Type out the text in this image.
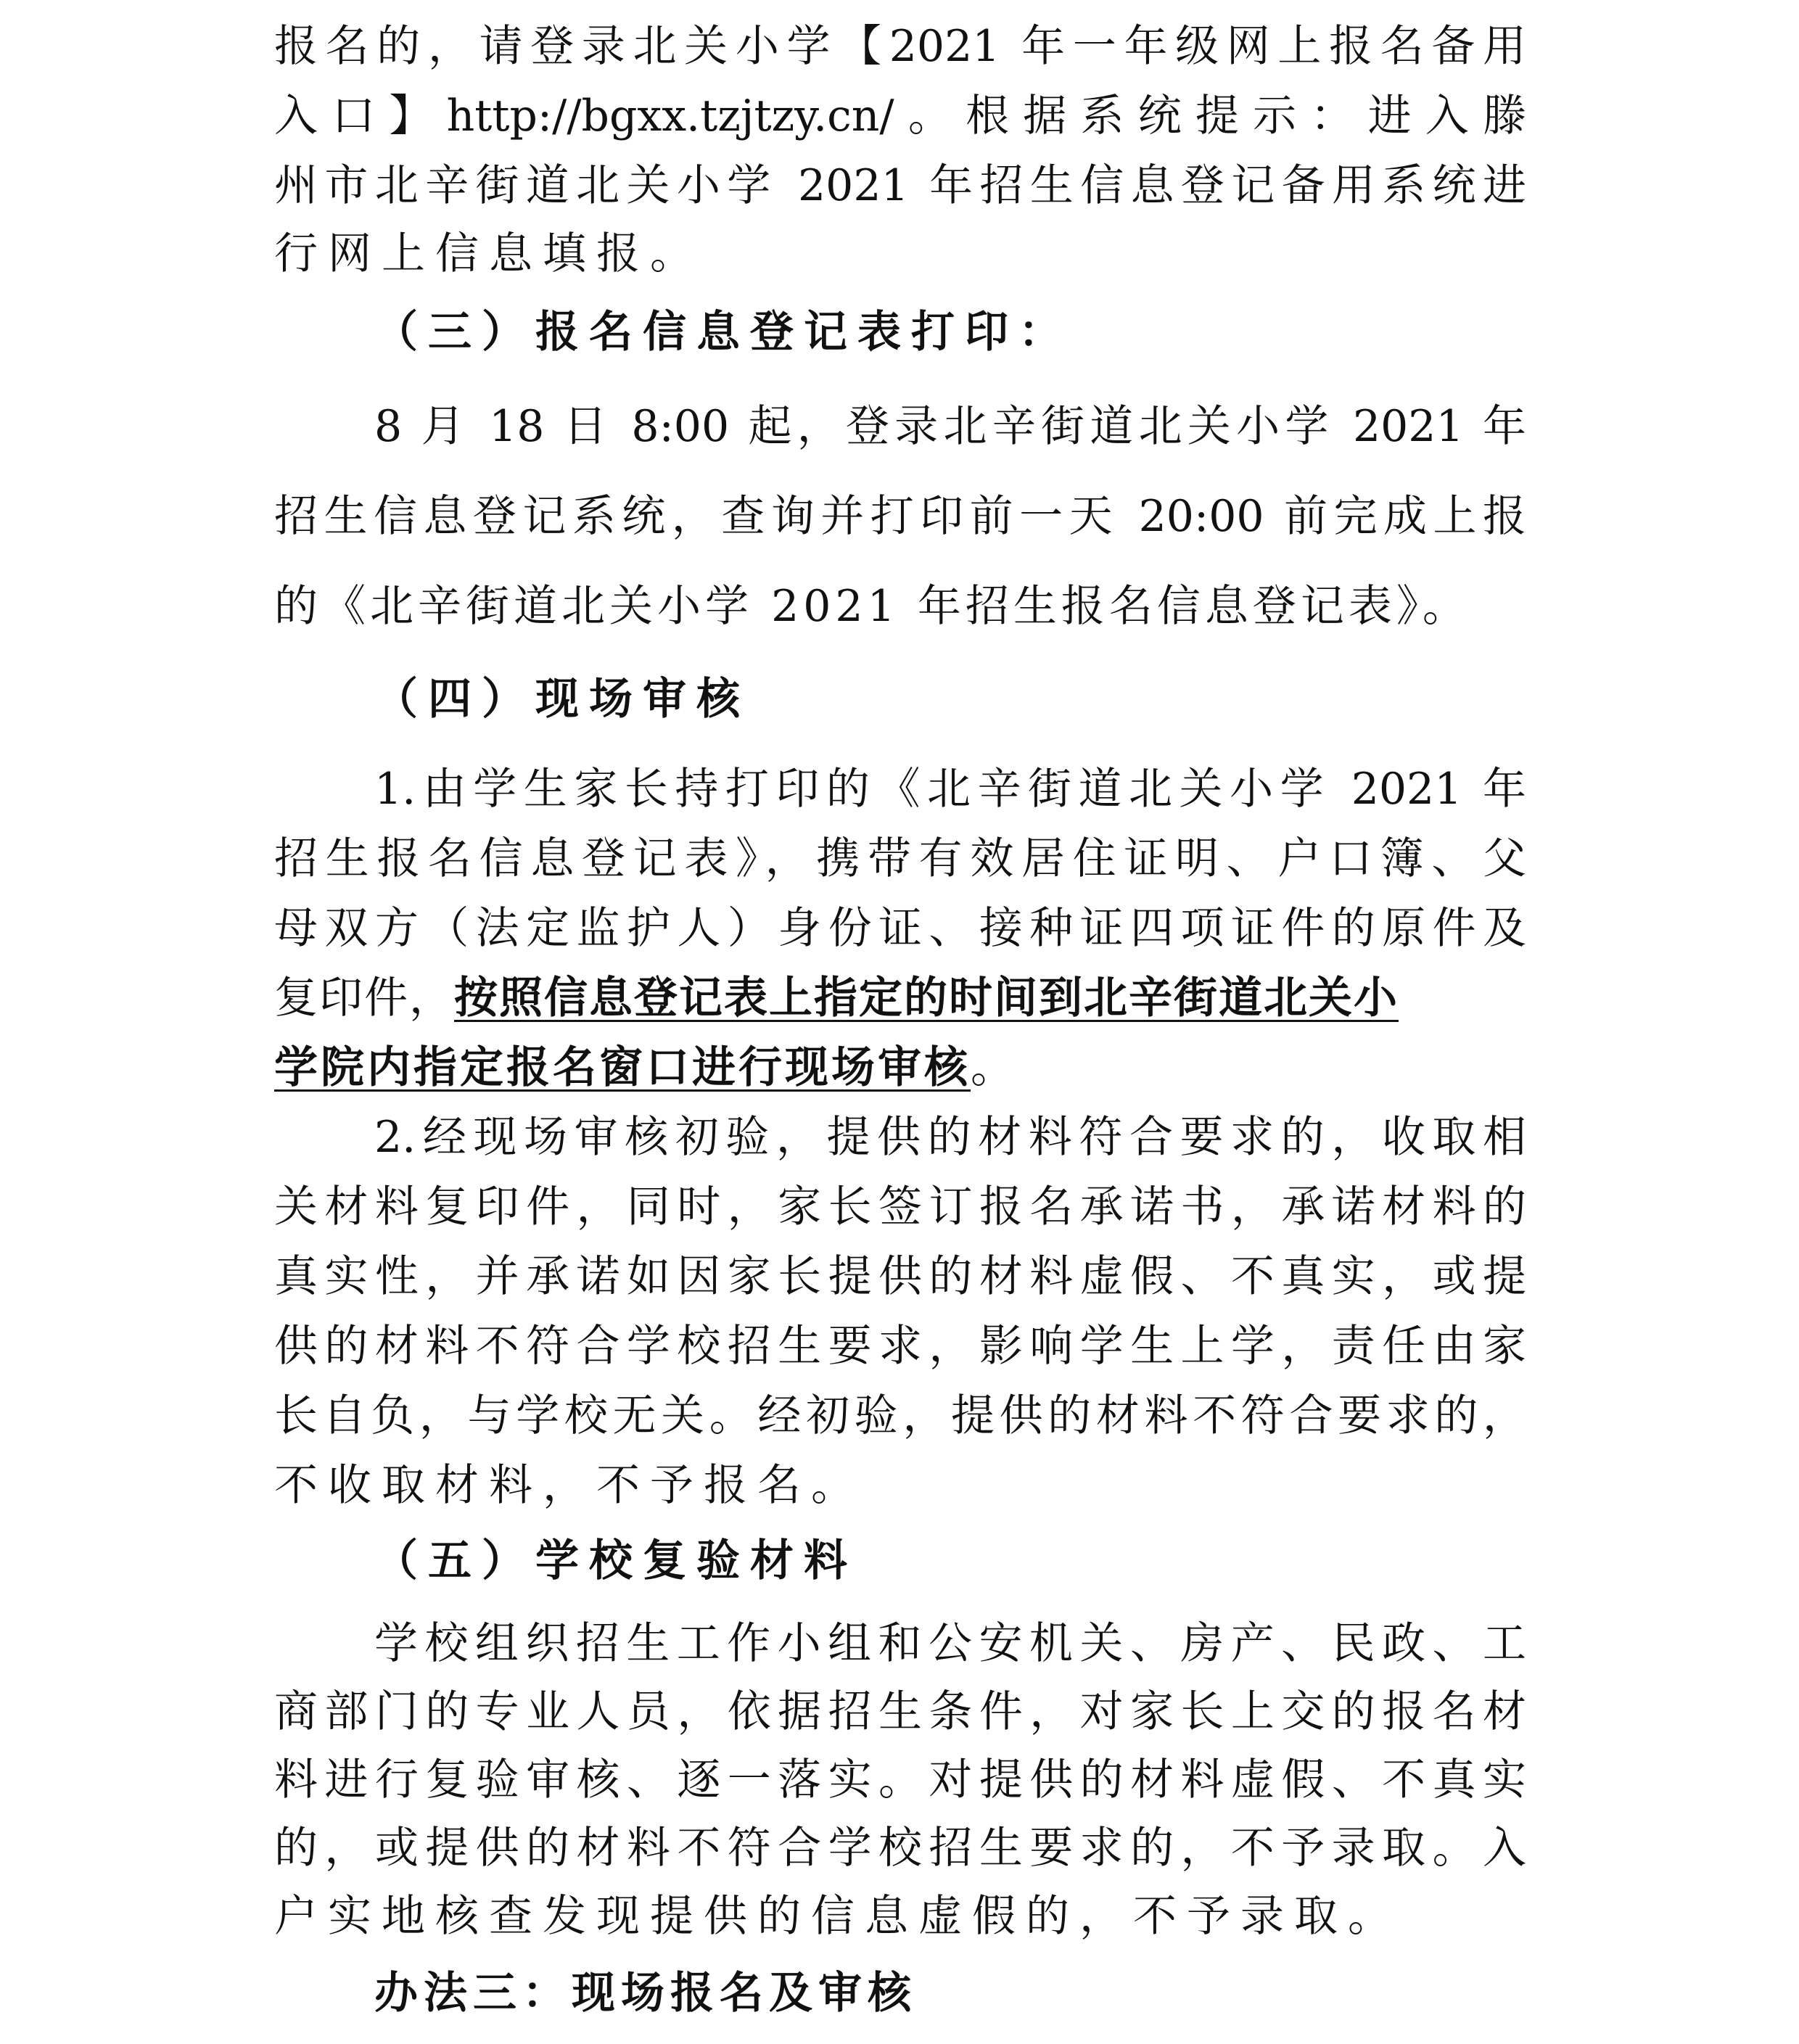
报名的，请登录北关小学【2021 年一年级网上报名备用
入口】http://bgxx.tzjtzy.cn/。根据系统提示：进入滕
州市北辛街道北关小学 2021 年招生信息登记备用系统进
行网上信息填报。
（三）报名信息登记表打印：
8 月 18 日 8:00 起，登录北辛街道北关小学 2021 年
招生信息登记系统，查询并打印前一天 20:00 前完成上报
的《北辛街道北关小学 2021 年招生报名信息登记表》。
（四）现场审核
1.由学生家长持打印的《北辛街道北关小学 2021 年
招生报名信息登记表》，携带有效居住证明、户口簿、父
母双方（法定监护人）身份证、接种证四项证件的原件及
复印件，按照信息登记表上指定的时间到北辛街道北关小
学院内指定报名窗口进行现场审核。
2.经现场审核初验，提供的材料符合要求的，收取相
关材料复印件，同时，家长签订报名承诺书，承诺材料的
真实性，并承诺如因家长提供的材料虚假、不真实，或提
供的材料不符合学校招生要求，影响学生上学，责任由家
长自负，与学校无关。经初验，提供的材料不符合要求的，
不收取材料，不予报名。
（五）学校复验材料
学校组织招生工作小组和公安机关、房产、民政、工
商部门的专业人员，依据招生条件，对家长上交的报名材
料进行复验审核、逐一落实。对提供的材料虚假、不真实
的，或提供的材料不符合学校招生要求的，不予录取。入
户实地核查发现提供的信息虚假的，不予录取。
办法三：现场报名及审核
